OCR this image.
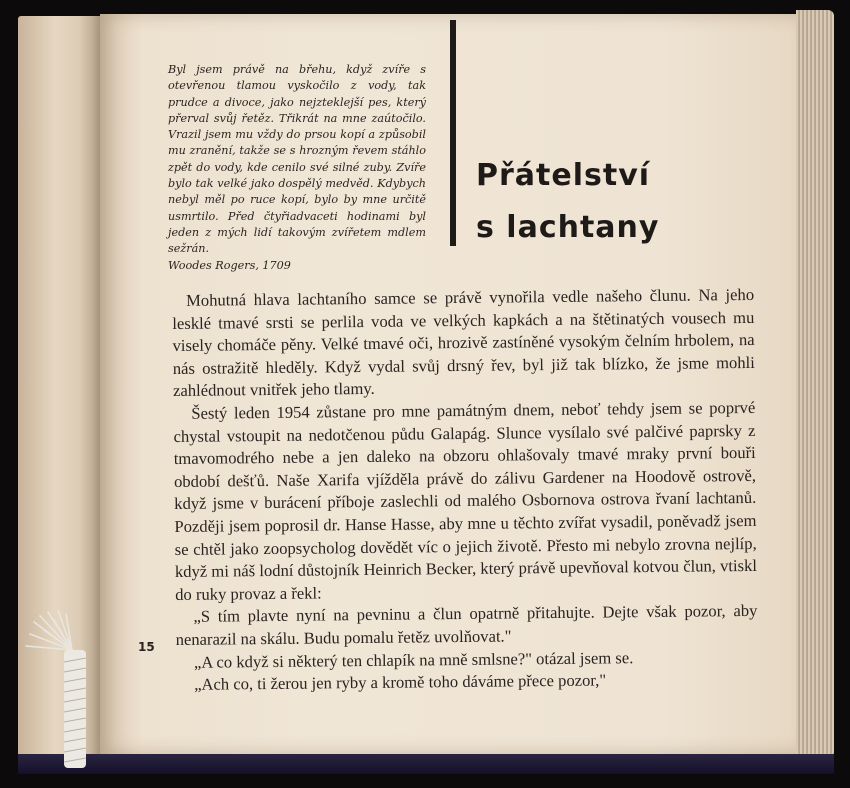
Byl jsem právě na břehu, když zvíře s otevřenou tlamou vyskočilo z vody, tak prudce a divoce, jako nejzteklejší pes, který přerval svůj řetěz. Třikrát na mne zaútočilo. Vrazil jsem mu vždy do prsou kopí a způsobil mu zranění, takže se s hrozným řevem stáhlo zpět do vody, kde cenilo své silné zuby. Zvíře bylo tak velké jako dospělý medvěd. Kdybych nebyl měl po ruce kopí, bylo by mne určitě usmrtilo. Před čtyřiadvaceti hodinami byl jeden z mých lidí takovým zvířetem mdlem sežrán.
Woodes Rogers, 1709
Přátelství
s lachtany

Mohutná hlava lachtaního samce se právě vynořila vedle našeho člunu. Na jeho lesklé tmavé srsti se perlila voda ve velkých kapkách a na štětinatých vousech mu visely chomáče pěny. Velké tmavé oči, hrozivě zastíněné vysokým čelním hrbolem, na nás ostražitě hleděly. Když vydal svůj drsný řev, byl již tak blízko, že jsme mohli zahlédnout vnitřek jeho tlamy.

Šestý leden 1954 zůstane pro mne památným dnem, neboť tehdy jsem se poprvé chystal vstoupit na nedotčenou půdu Galapág. Slunce vysílalo své palčivé paprsky z tmavomodrého nebe a jen daleko na obzoru ohlašovaly tmavé mraky první bouři období dešťů. Naše Xarifa vjížděla právě do zálivu Gardener na Hoodově ostrově, když jsme v burácení příboje zaslechli od malého Osbornova ostrova řvaní lachtanů. Později jsem poprosil dr. Hanse Hasse, aby mne u těchto zvířat vysadil, poněvadž jsem se chtěl jako zoopsycholog dovědět víc o jejich životě. Přesto mi nebylo zrovna nejlíp, když mi náš lodní důstojník Heinrich Becker, který právě upevňoval kotvou člun, vtiskl do ruky provaz a řekl:

„S tím plavte nyní na pevninu a člun opatrně přitahujte. Dejte však pozor, aby nenarazil na skálu. Budu pomalu řetěz uvolňovat."

„A co když si některý ten chlapík na mně smlsne?" otázal jsem se.

„Ach co, ti žerou jen ryby a kromě toho dáváme přece pozor,"

15
